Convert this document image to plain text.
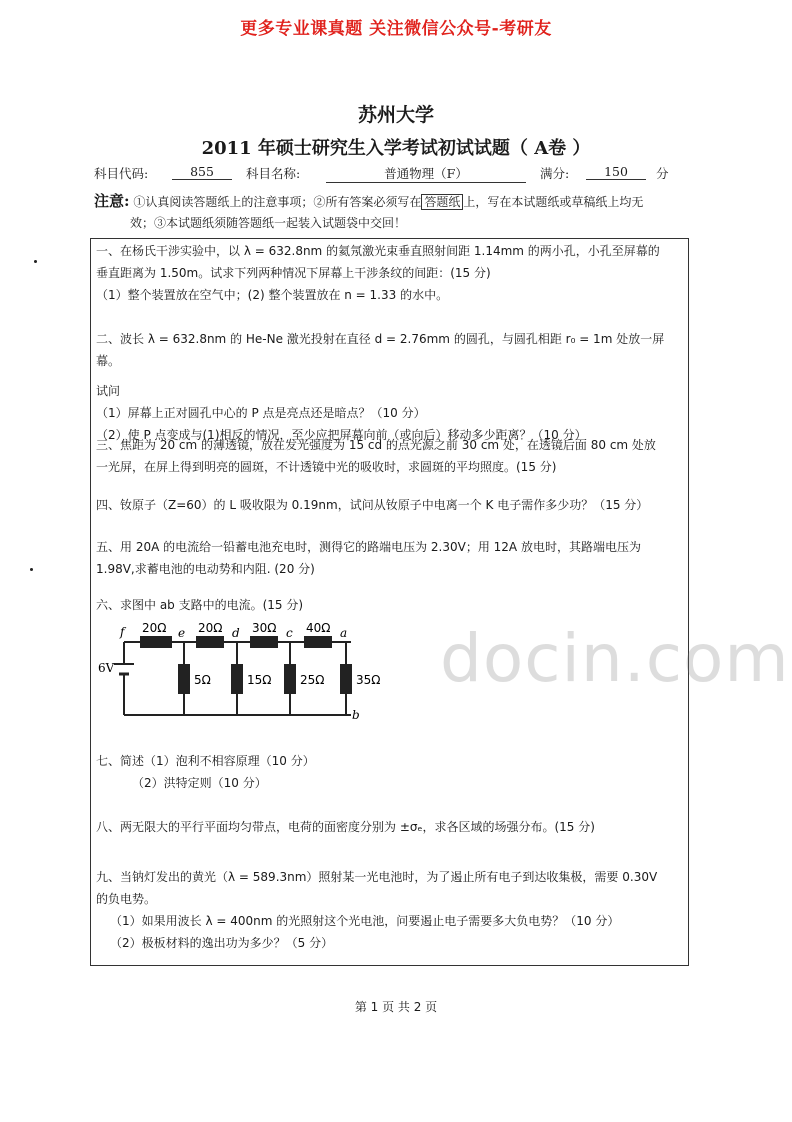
更多专业课真题 关注微信公众号-考研友
苏州大学
2011 年硕士研究生入学考试初试试题（ A卷 ）
科目代码:	855	科目名称:	普通物理（F）	满分:	150	分
注意: ①认真阅读答题纸上的注意事项；②所有答案必须写在 答题纸 上，写在本试题纸或草稿纸上均无
效；③本试题纸须随答题纸一起装入试题袋中交回！

一、在杨氏干涉实验中，以 λ = 632.8nm 的氦氖激光束垂直照射间距 1.14mm 的两小孔，小孔至屏幕的

垂直距离为 1.50m。试求下列两种情况下屏幕上干涉条纹的间距：(15 分)

（1）整个装置放在空气中；(2) 整个装置放在 n = 1.33 的水中。

二、波长 λ = 632.8nm 的 He-Ne 激光投射在直径 d = 2.76mm 的圆孔，与圆孔相距 r₀ = 1m 处放一屏幕。

试问

（1）屏幕上正对圆孔中心的 P 点是亮点还是暗点？（10 分）

（2）使 P 点变成与(1)相反的情况，至少应把屏幕向前（或向后）移动多少距离？（10 分）

三、焦距为 20 cm 的薄透镜，放在发光强度为 15 cd 的点光源之前 30 cm 处，在透镜后面 80 cm 处放

一光屏，在屏上得到明亮的圆斑，不计透镜中光的吸收时，求圆斑的平均照度。(15 分)

四、钕原子（Z=60）的 L 吸收限为 0.19nm，试问从钕原子中电离一个 K 电子需作多少功？（15 分）

五、用 20A 的电流给一铅蓄电池充电时，测得它的路端电压为 2.30V；用 12A 放电时，其路端电压为

1.98V,求蓄电池的电动势和内阻. (20 分)

六、求图中 ab 支路中的电流。(15 分)

6V
20Ω	20Ω 30Ω 40Ω
f	e	d	c	a
b
5Ω	15Ω 25Ω	35Ω docin.com

七、简述（1）泡利不相容原理（10 分）

（2）洪特定则（10 分）

八、两无限大的平行平面均匀带点，电荷的面密度分别为 ±σₑ，求各区域的场强分布。(15 分)

九、当钠灯发出的黄光（λ = 589.3nm）照射某一光电池时，为了遏止所有电子到达收集极，需要 0.30V

的负电势。

（1）如果用波长 λ = 400nm 的光照射这个光电池，问要遏止电子需要多大负电势？（10 分）

（2）极板材料的逸出功为多少？（5 分）

第 1 页 共 2 页
